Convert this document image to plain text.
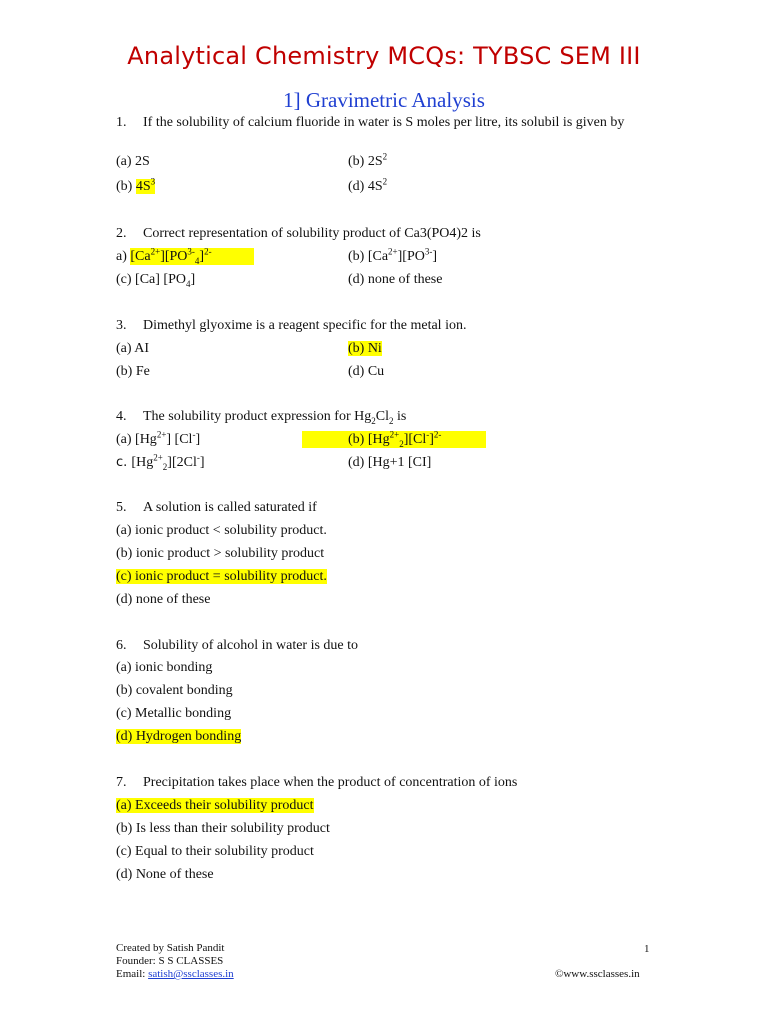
Analytical Chemistry MCQs: TYBSC SEM III
1] Gravimetric Analysis
1. If the solubility of calcium fluoride in water is S moles per litre, its solubil is given by
(a) 2S	(b) $2S^2$
(b) $4S^3$	(d) $4S^2$
2. Correct representation of solubility product of Ca3(PO4)2 is
a) $[Ca^{2+}][PO^{3-}_4]^{2-}$	(b) $[Ca^{2+}][PO^{3-}]$
(c) [Ca] $[PO_4]$	(d) none of these
3. Dimethyl glyoxime is a reagent specific for the metal ion.
(a) AI	(b) Ni
(b) Fe	(d) Cu
4. The solubility product expression for $Hg_2Cl_2$ is
(a) $[Hg^{2+}]$ [Cl-]	(b) $[Hg^{2+}_2][Cl^-]^{2-}$
c. $[Hg^{2+}_2][2Cl^-]$	(d) [Hg+1 [CI]
5. A solution is called saturated if
(a) ionic product < solubility product.
(b) ionic product > solubility product
(c) ionic product = solubility product.
(d) none of these
6. Solubility of alcohol in water is due to
(a) ionic bonding
(b) covalent bonding
(c) Metallic bonding
(d) Hydrogen bonding
7. Precipitation takes place when the product of concentration of ions
(a) Exceeds their solubility product
(b) Is less than their solubility product
(c) Equal to their solubility product
(d) None of these
Created by Satish Pandit
Founder: S S CLASSES
Email: satish@ssclasses.in
1
©www.ssclasses.in
